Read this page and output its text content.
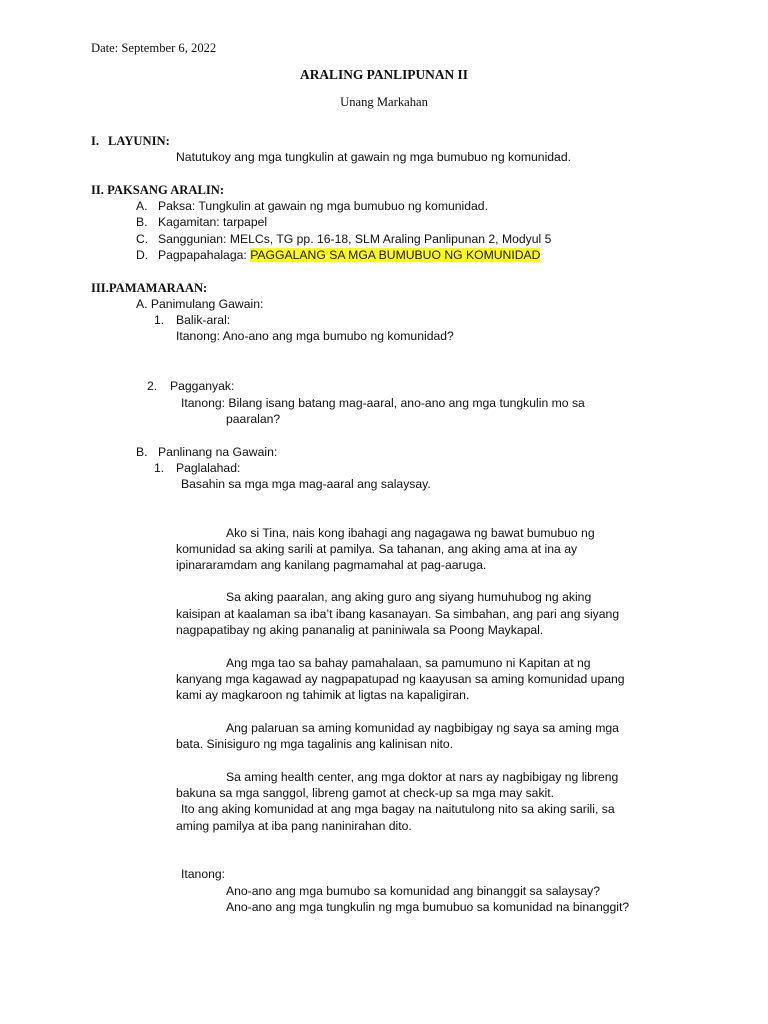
Date: September 6, 2022
ARALING PANLIPUNAN II
Unang Markahan
I. LAYUNIN:
Natutukoy ang mga tungkulin at gawain ng mga bumubuo ng komunidad.
II. PAKSANG ARALIN:
A. Paksa: Tungkulin at gawain ng mga bumubuo ng komunidad.
B. Kagamitan: tarpapel
C. Sanggunian: MELCs, TG pp. 16-18, SLM Araling Panlipunan 2, Modyul 5
D. Pagpapahalaga: PAGGALANG SA MGA BUMUBUO NG KOMUNIDAD
III.PAMAMARAAN:
A. Panimulang Gawain:
1. Balik-aral:
Itanong: Ano-ano ang mga bumubo ng komunidad?
2. Pagganyak:
Itanong: Bilang isang batang mag-aaral, ano-ano ang mga tungkulin mo sa
paaralan?
B. Panlinang na Gawain:
1. Paglalahad:
Basahin sa mga mga mag-aaral ang salaysay.
Ako si Tina, nais kong ibahagi ang nagagawa ng bawat bumubuo ng
komunidad sa aking sarili at pamilya. Sa tahanan, ang aking ama at ina ay
ipinararamdam ang kanilang pagmamahal at pag-aaruga.
Sa aking paaralan, ang aking guro ang siyang humuhubog ng aking
kaisipan at kaalaman sa iba’t ibang kasanayan. Sa simbahan, ang pari ang siyang
nagpapatibay ng aking pananalig at paniniwala sa Poong Maykapal.
Ang mga tao sa bahay pamahalaan, sa pamumuno ni Kapitan at ng
kanyang mga kagawad ay nagpapatupad ng kaayusan sa aming komunidad upang
kami ay magkaroon ng tahimik at ligtas na kapaligiran.
Ang palaruan sa aming komunidad ay nagbibigay ng saya sa aming mga
bata. Sinisiguro ng mga tagalinis ang kalinisan nito.
Sa aming health center, ang mga doktor at nars ay nagbibigay ng libreng
bakuna sa mga sanggol, libreng gamot at check-up sa mga may sakit.
Ito ang aking komunidad at ang mga bagay na naitutulong nito sa aking sarili, sa
aming pamilya at iba pang naninirahan dito.
Itanong:
Ano-ano ang mga bumubo sa komunidad ang binanggit sa salaysay?
Ano-ano ang mga tungkulin ng mga bumubuo sa komunidad na binanggit?
